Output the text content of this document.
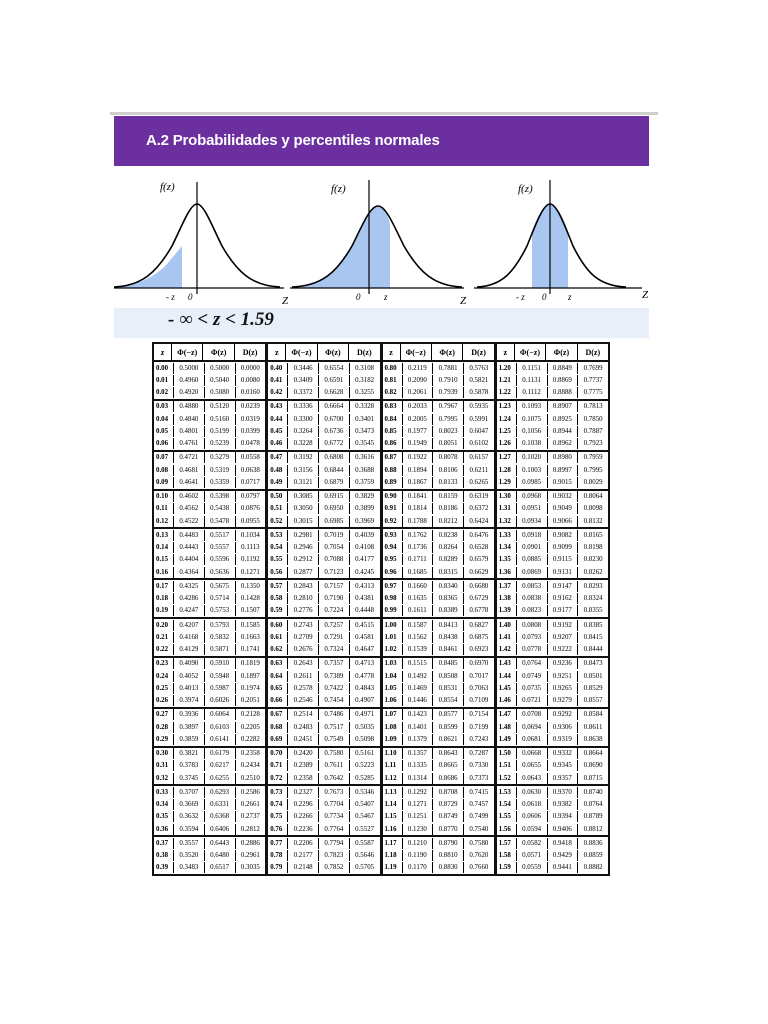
A.2 Probabilidades y percentiles normales
f(z)
- z 0
f(z)
0	z
Z
f(z)
- z 0 z
Z	Z
- ∞ < z < 1.59
z	Φ(−z)	Φ(z)	D(z)
0.00	0.5000	0.5000	0.0000
0.01	0.4960	0.5040	0.0080
0.02	0.4920	0.5080	0.0160
0.03	0.4880	0.5120	0.0239
0.04	0.4840	0.5160	0.0319
0.05	0.4801	0.5199	0.0399
0.06	0.4761	0.5239	0.0478
0.07	0.4721	0.5279	0.0558
0.08	0.4681	0.5319	0.0638
0.09	0.4641	0.5359	0.0717
0.10	0.4602	0.5398	0.0797
0.11	0.4562	0.5438	0.0876
0.12	0.4522	0.5478	0.0955
0.13	0.4483	0.5517	0.1034
0.14	0.4443	0.5557	0.1113
0.15	0.4404	0.5596	0.1192
0.16	0.4364	0.5636	0.1271
0.17	0.4325	0.5675	0.1350
0.18	0.4286	0.5714	0.1428
0.19	0.4247	0.5753	0.1507
0.20	0.4207	0.5793	0.1585
0.21	0.4168	0.5832	0.1663
0.22	0.4129	0.5871	0.1741
0.23	0.4090	0.5910	0.1819
0.24	0.4052	0.5948	0.1897
0.25	0.4013	0.5987	0.1974
0.26	0.3974	0.6026	0.2051
0.27	0.3936	0.6064	0.2128
0.28	0.3897	0.6103	0.2205
0.29	0.3859	0.6141	0.2282
0.30	0.3821	0.6179	0.2358
0.31	0.3783	0.6217	0.2434
0.32	0.3745	0.6255	0.2510
0.33	0.3707	0.6293	0.2586
0.34	0.3669	0.6331	0.2661
0.35	0.3632	0.6368	0.2737
0.36	0.3594	0.6406	0.2812
0.37	0.3557	0.6443	0.2886
0.38	0.3520	0.6480	0.2961
0.39	0.3483	0.6517	0.3035
z	Φ(−z)	Φ(z)	D(z)
0.40	0.3446	0.6554	0.3108
0.41	0.3409	0.6591	0.3182
0.42	0.3372	0.6628	0.3255
0.43	0.3336	0.6664	0.3328
0.44	0.3300	0.6700	0.3401
0.45	0.3264	0.6736	0.3473
0.46	0.3228	0.6772	0.3545
0.47	0.3192	0.6808	0.3616
0.48	0.3156	0.6844	0.3688
0.49	0.3121	0.6879	0.3759
0.50	0.3085	0.6915	0.3829
0.51	0.3050	0.6950	0.3899
0.52	0.3015	0.6985	0.3969
0.53	0.2981	0.7019	0.4039
0.54	0.2946	0.7054	0.4108
0.55	0.2912	0.7088	0.4177
0.56	0.2877	0.7123	0.4245
0.57	0.2843	0.7157	0.4313
0.58	0.2810	0.7190	0.4381
0.59	0.2776	0.7224	0.4448
0.60	0.2743	0.7257	0.4515
0.61	0.2709	0.7291	0.4581
0.62	0.2676	0.7324	0.4647
0.63	0.2643	0.7357	0.4713
0.64	0.2611	0.7389	0.4778
0.65	0.2578	0.7422	0.4843
0.66	0.2546	0.7454	0.4907
0.67	0.2514	0.7486	0.4971
0.68	0.2483	0.7517	0.5035
0.69	0.2451	0.7549	0.5098
0.70	0.2420	0.7580	0.5161
0.71	0.2389	0.7611	0.5223
0.72	0.2358	0.7642	0.5285
0.73	0.2327	0.7673	0.5346
0.74	0.2296	0.7704	0.5407
0.75	0.2266	0.7734	0.5467
0.76	0.2236	0.7764	0.5527
0.77	0.2206	0.7794	0.5587
0.78	0.2177	0.7823	0.5646
0.79	0.2148	0.7852	0.5705
z	Φ(−z)	Φ(z)	D(z)
0.80	0.2119	0.7881	0.5763
0.81	0.2090	0.7910	0.5821
0.82	0.2061	0.7939	0.5878
0.83	0.2033	0.7967	0.5935
0.84	0.2005	0.7995	0.5991
0.85	0.1977	0.8023	0.6047
0.86	0.1949	0.8051	0.6102
0.87	0.1922	0.8078	0.6157
0.88	0.1894	0.8106	0.6211
0.89	0.1867	0.8133	0.6265
0.90	0.1841	0.8159	0.6319
0.91	0.1814	0.8186	0.6372
0.92	0.1788	0.8212	0.6424
0.93	0.1762	0.8238	0.6476
0.94	0.1736	0.8264	0.6528
0.95	0.1711	0.8289	0.6579
0.96	0.1685	0.8315	0.6629
0.97	0.1660	0.8340	0.6680
0.98	0.1635	0.8365	0.6729
0.99	0.1611	0.8389	0.6778
1.00	0.1587	0.8413	0.6827
1.01	0.1562	0.8438	0.6875
1.02	0.1539	0.8461	0.6923
1.03	0.1515	0.8485	0.6970
1.04	0.1492	0.8508	0.7017
1.05	0.1469	0.8531	0.7063
1.06	0.1446	0.8554	0.7109
1.07	0.1423	0.8577	0.7154
1.08	0.1401	0.8599	0.7199
1.09	0.1379	0.8621	0.7243
1.10	0.1357	0.8643	0.7287
1.11	0.1335	0.8665	0.7330
1.12	0.1314	0.8686	0.7373
1.13	0.1292	0.8708	0.7415
1.14	0.1271	0.8729	0.7457
1.15	0.1251	0.8749	0.7499
1.16	0.1230	0.8770	0.7540
1.17	0.1210	0.8790	0.7580
1.18	0.1190	0.8810	0.7620
1.19	0.1170	0.8830	0.7660
z	Φ(−z)	Φ(z)	D(z)
1.20	0.1151	0.8849	0.7699
1.21	0.1131	0.8869	0.7737
1.22	0.1112	0.8888	0.7775
1.23	0.1093	0.8907	0.7813
1.24	0.1075	0.8925	0.7850
1.25	0.1056	0.8944	0.7887
1.26	0.1038	0.8962	0.7923
1.27	0.1020	0.8980	0.7959
1.28	0.1003	0.8997	0.7995
1.29	0.0985	0.9015	0.8029
1.30	0.0968	0.9032	0.8064
1.31	0.0951	0.9049	0.8098
1.32	0.0934	0.9066	0.8132
1.33	0.0918	0.9082	0.8165
1.34	0.0901	0.9099	0.8198
1.35	0.0885	0.9115	0.8230
1.36	0.0869	0.9131	0.8262
1.37	0.0853	0.9147	0.8293
1.38	0.0838	0.9162	0.8324
1.39	0.0823	0.9177	0.8355
1.40	0.0808	0.9192	0.8385
1.41	0.0793	0.9207	0.8415
1.42	0.0778	0.9222	0.8444
1.43	0.0764	0.9236	0.8473
1.44	0.0749	0.9251	0.8501
1.45	0.0735	0.9265	0.8529
1.46	0.0721	0.9279	0.8557
1.47	0.0708	0.9292	0.8584
1.48	0.0694	0.9306	0.8611
1.49	0.0681	0.9319	0.8638
1.50	0.0668	0.9332	0.8664
1.51	0.0655	0.9345	0.8690
1.52	0.0643	0.9357	0.8715
1.53	0.0630	0.9370	0.8740
1.54	0.0618	0.9382	0.8764
1.55	0.0606	0.9394	0.8789
1.56	0.0594	0.9406	0.8812
1.57	0.0582	0.9418	0.8836
1.58	0.0571	0.9429	0.8859
1.59	0.0559	0.9441	0.8882
